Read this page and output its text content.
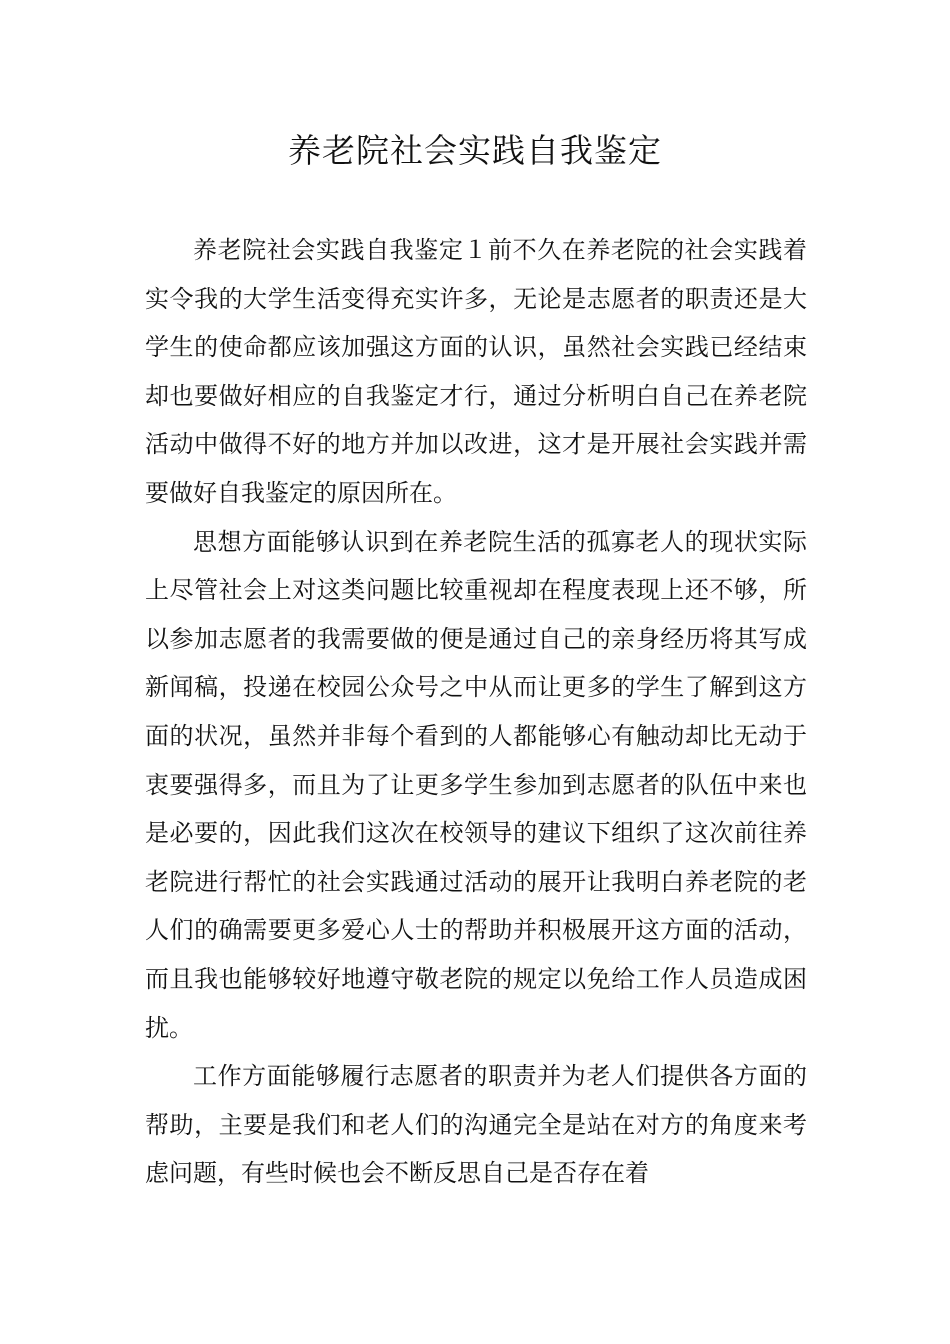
养老院社会实践自我鉴定

养老院社会实践自我鉴定１前不久在养老院的社会实践着实令我的大学生活变得充实许多，无论是志愿者的职责还是大学生的使命都应该加强这方面的认识，虽然社会实践已经结束却也要做好相应的自我鉴定才行，通过分析明白自己在养老院活动中做得不好的地方并加以改进，这才是开展社会实践并需要做好自我鉴定的原因所在。

思想方面能够认识到在养老院生活的孤寡老人的现状实际上尽管社会上对这类问题比较重视却在程度表现上还不够，所以参加志愿者的我需要做的便是通过自己的亲身经历将其写成新闻稿，投递在校园公众号之中从而让更多的学生了解到这方面的状况，虽然并非每个看到的人都能够心有触动却比无动于衷要强得多，而且为了让更多学生参加到志愿者的队伍中来也是必要的，因此我们这次在校领导的建议下组织了这次前往养老院进行帮忙的社会实践通过活动的展开让我明白养老院的老人们的确需要更多爱心人士的帮助并积极展开这方面的活动，而且我也能够较好地遵守敬老院的规定以免给工作人员造成困扰。

工作方面能够履行志愿者的职责并为老人们提供各方面的帮助，主要是我们和老人们的沟通完全是站在对方的角度来考虑问题，有些时候也会不断反思自己是否存在着
